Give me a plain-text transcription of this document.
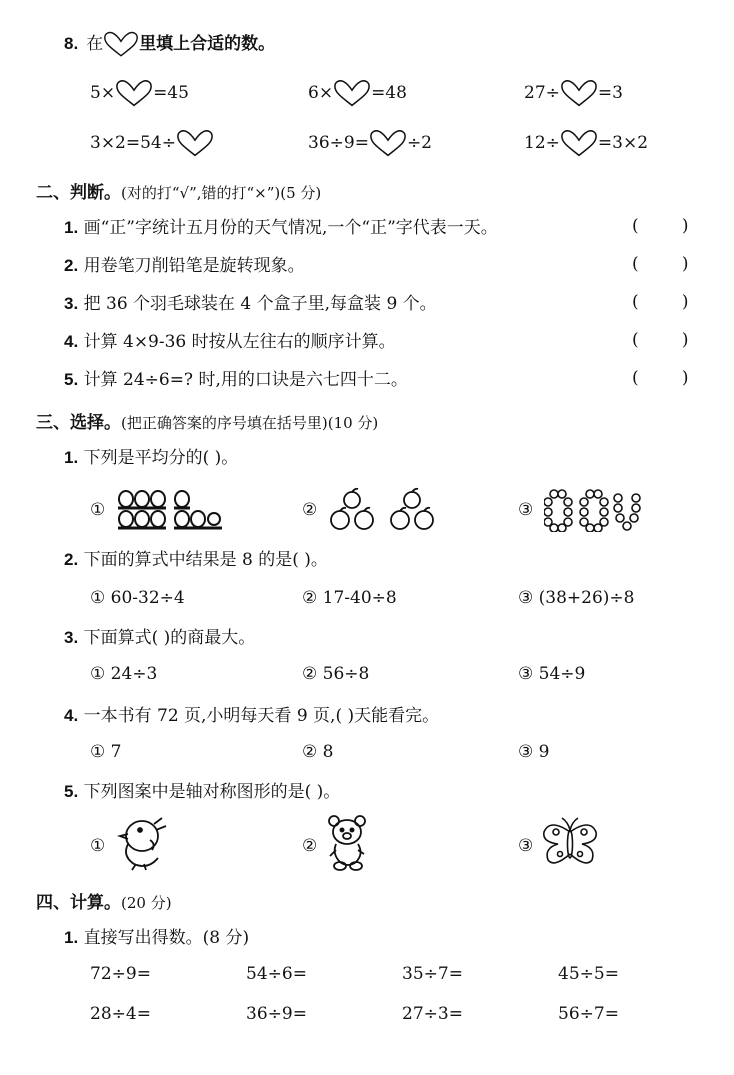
8. 在 里填上合适的数。
5× =45	6× =48	27÷ =3
3×2=54÷	36÷9= ÷2	12÷ =3×2
二、判断。(对的打“√”,错的打“×”)(5 分)
1. 画“正”字统计五月份的天气情况,一个“正”字代表一天。	(        )
2. 用卷笔刀削铅笔是旋转现象。	(        )
3. 把 36 个羽毛球装在 4 个盒子里,每盒装 9 个。	(        )
4. 计算 4×9-36 时按从左往右的顺序计算。	(        )
5. 计算 24÷6=? 时,用的口诀是六七四十二。	(        )
三、选择。(把正确答案的序号填在括号里)(10 分)
1. 下列是平均分的( )。
①	②	③
2. 下面的算式中结果是 8 的是( )。
① 60-32÷4	② 17-40÷8	③ (38+26)÷8
3. 下面算式( )的商最大。
① 24÷3	② 56÷8	③ 54÷9
4. 一本书有 72 页,小明每天看 9 页,( )天能看完。
① 7	② 8	③ 9
5. 下列图案中是轴对称图形的是( )。
①	②	③
四、计算。(20 分)
1. 直接写出得数。(8 分)
72÷9=	54÷6=	35÷7=	45÷5=
28÷4=	36÷9=	27÷3=	56÷7=
